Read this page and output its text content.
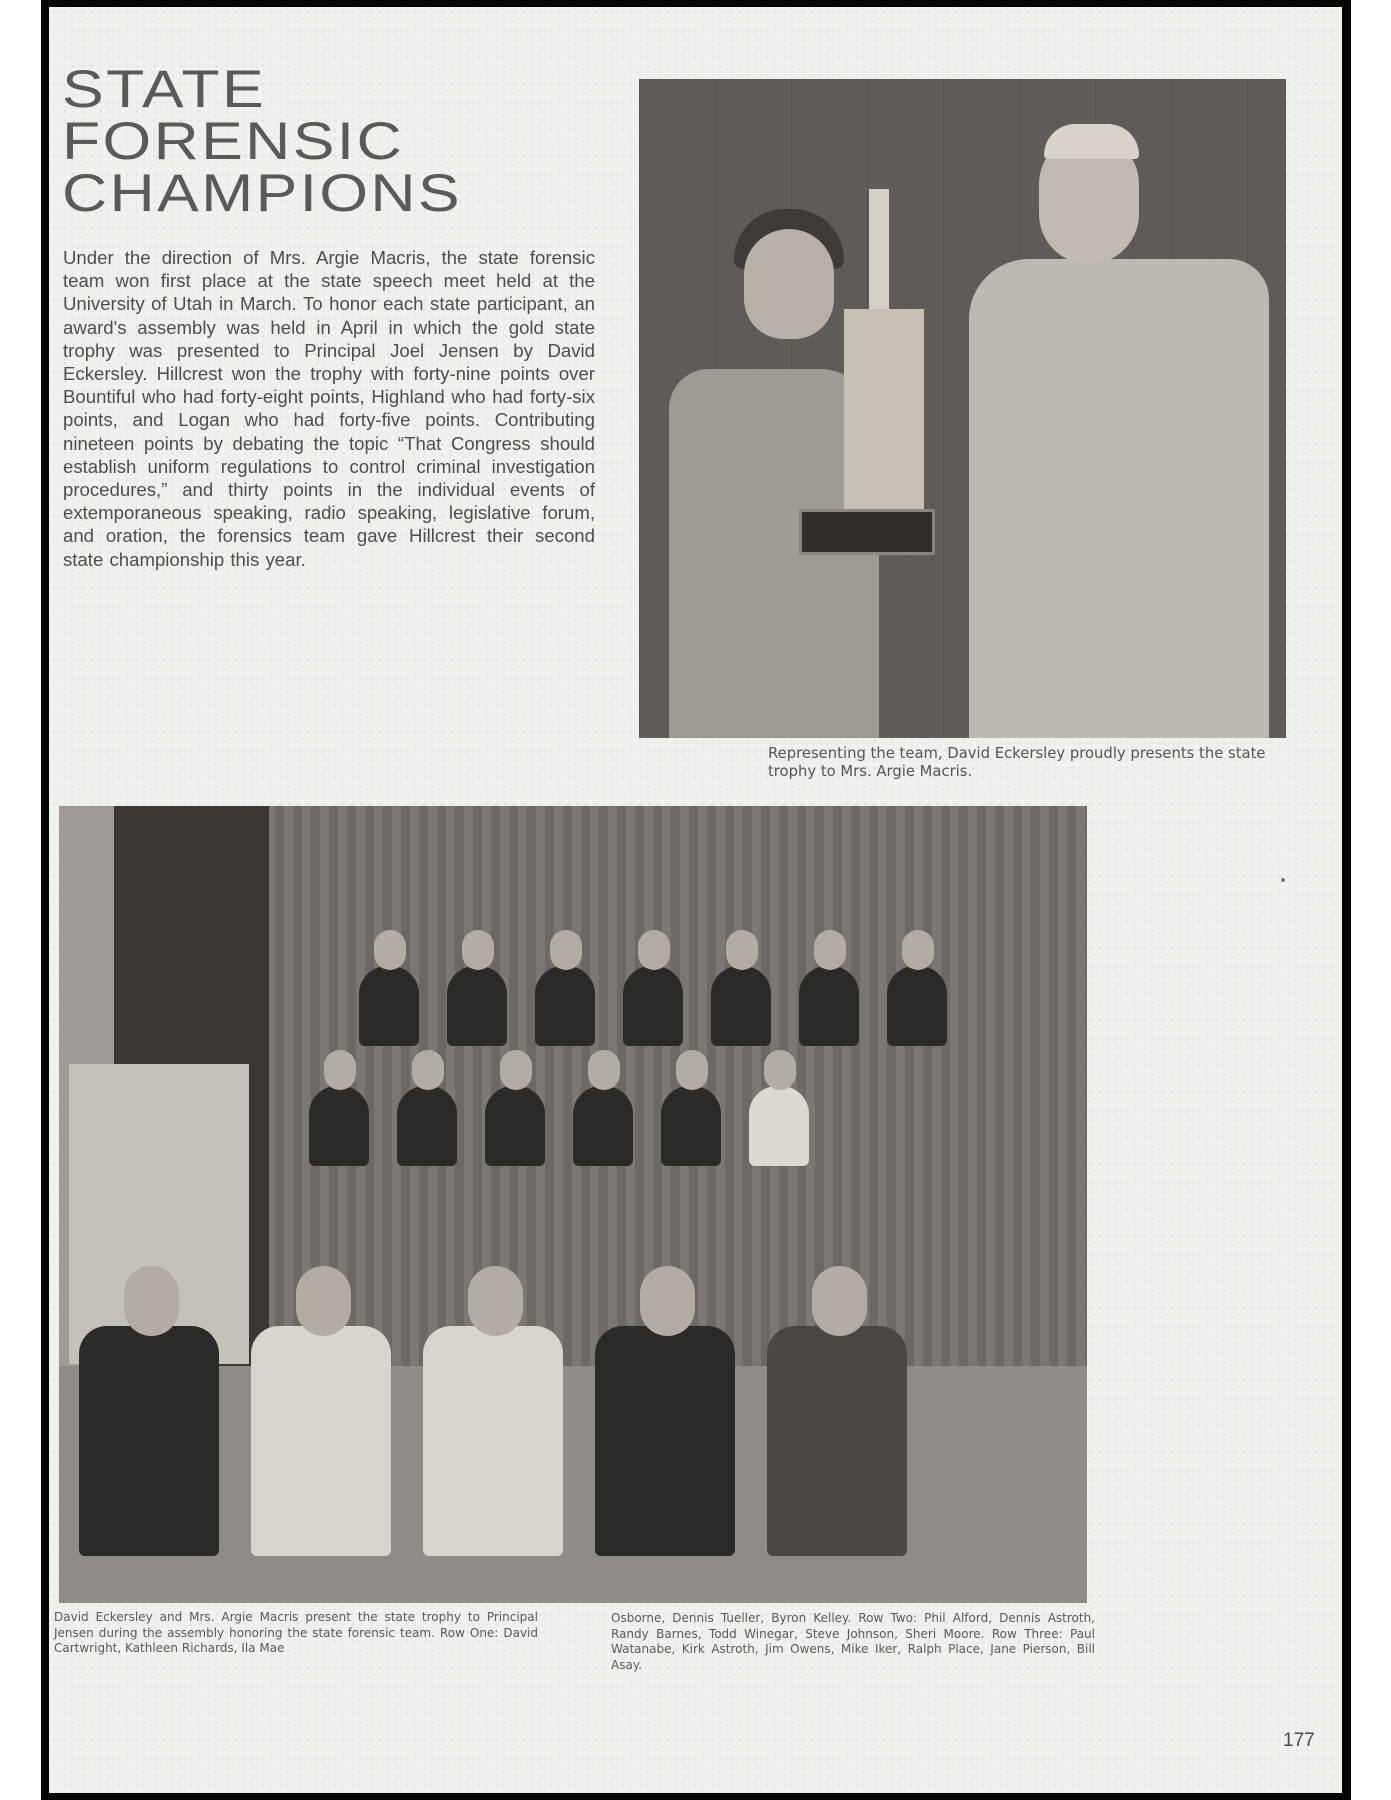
STATE
FORENSIC
CHAMPIONS

Under the direction of Mrs. Argie Macris, the state forensic team won first place at the state speech meet held at the University of Utah in March. To honor each state participant, an award's assembly was held in April in which the gold state trophy was presented to Principal Joel Jensen by David Eckersley. Hillcrest won the trophy with forty-nine points over Bountiful who had forty-eight points, Highland who had forty-six points, and Logan who had forty-five points. Contributing nineteen points by debating the topic “That Congress should establish uniform regulations to control criminal investigation procedures,” and thirty points in the individual events of extemporaneous speaking, radio speaking, legislative forum, and oration, the forensics team gave Hillcrest their second state championship this year.

Representing the team, David Eckersley proudly presents the state trophy to Mrs. Argie Macris.

David Eckersley and Mrs. Argie Macris present the state trophy to Principal Jensen during the assembly honoring the state forensic team. Row One: David Cartwright, Kathleen Richards, Ila Mae

Osborne, Dennis Tueller, Byron Kelley. Row Two: Phil Alford, Dennis Astroth, Randy Barnes, Todd Winegar, Steve Johnson, Sheri Moore. Row Three: Paul Watanabe, Kirk Astroth, Jim Owens, Mike Iker, Ralph Place, Jane Pierson, Bill Asay.

177
